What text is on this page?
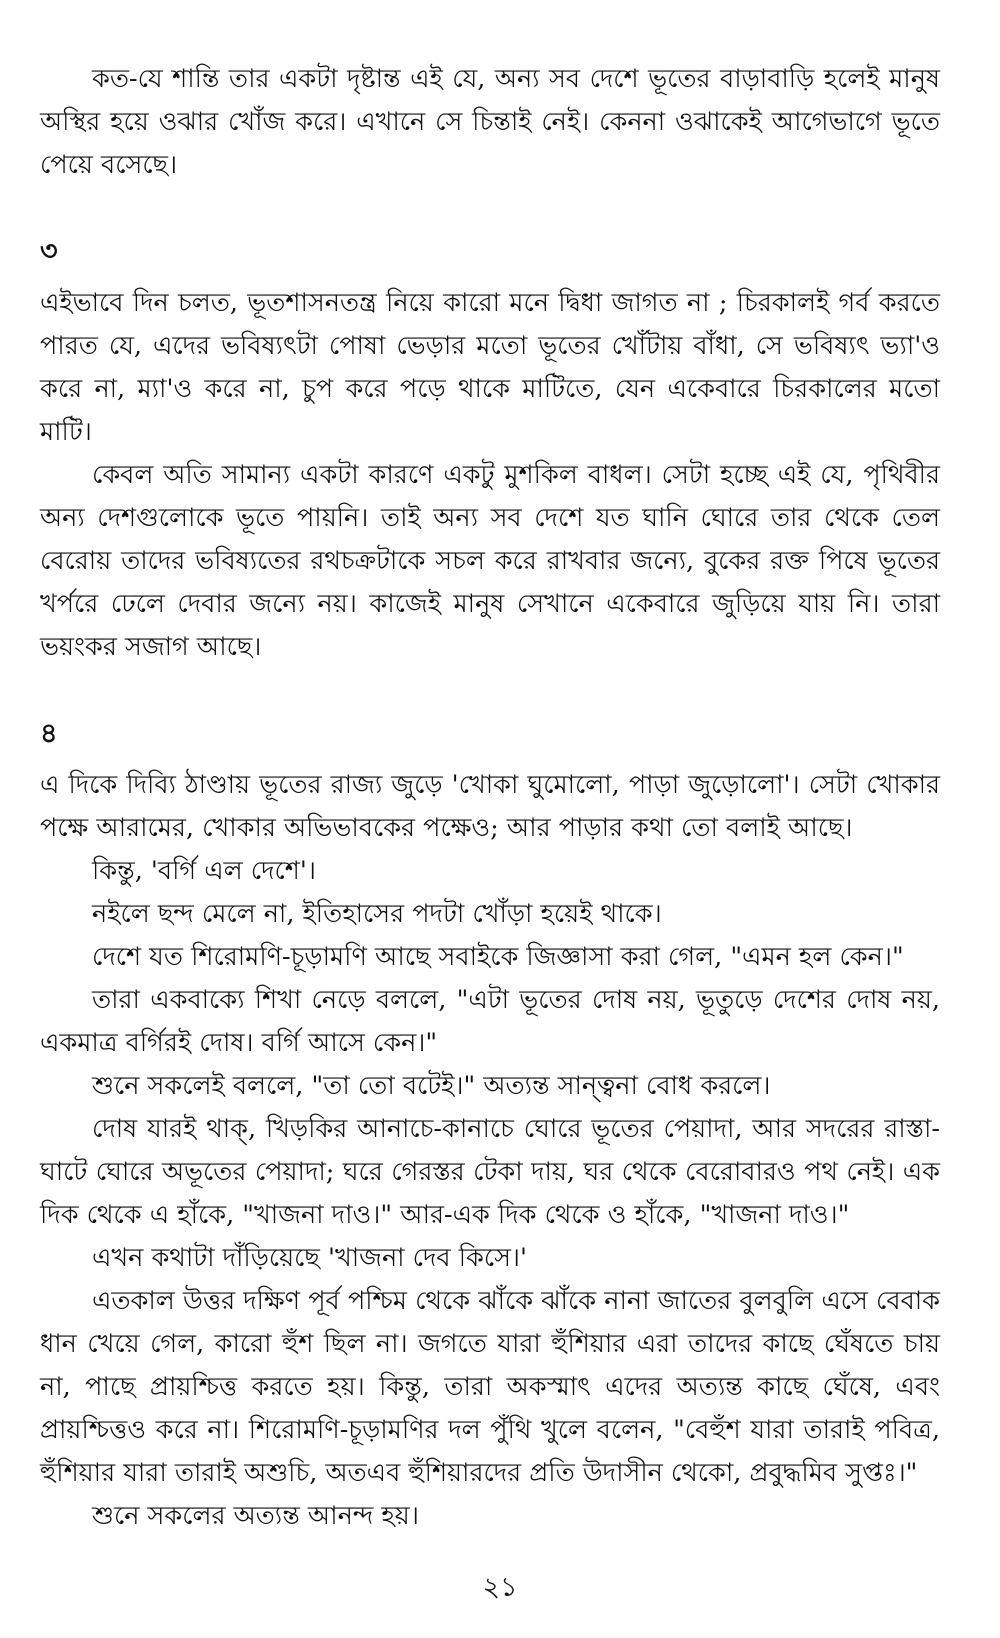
কত-যে শান্তি তার একটা দৃষ্টান্ত এই যে, অন্য সব দেশে ভূতের বাড়াবাড়ি হলেই মানুষ অস্থির হয়ে ওঝার খোঁজ করে। এখানে সে চিন্তাই নেই। কেননা ওঝাকেই আগেভাগে ভূতে পেয়ে বসেছে।

৩

এইভাবে দিন চলত, ভূতশাসনতন্ত্র নিয়ে কারো মনে দ্বিধা জাগত না ; চিরকালই গর্ব করতে পারত যে, এদের ভবিষ্যৎটা পোষা ভেড়ার মতো ভূতের খোঁটায় বাঁধা, সে ভবিষ্যৎ ভ্যা'ও করে না, ম্যা'ও করে না, চুপ করে পড়ে থাকে মাটিতে, যেন একেবারে চিরকালের মতো মাটি।

কেবল অতি সামান্য একটা কারণে একটু মুশকিল বাধল। সেটা হচ্ছে এই যে, পৃথিবীর অন্য দেশগুলোকে ভূতে পায়নি। তাই অন্য সব দেশে যত ঘানি ঘোরে তার থেকে তেল বেরোয় তাদের ভবিষ্যতের রথচক্রটাকে সচল করে রাখবার জন্যে, বুকের রক্ত পিষে ভূতের খর্পরে ঢেলে দেবার জন্যে নয়। কাজেই মানুষ সেখানে একেবারে জুড়িয়ে যায় নি। তারা ভয়ংকর সজাগ আছে।

৪

এ দিকে দিব্যি ঠাণ্ডায় ভূতের রাজ্য জুড়ে 'খোকা ঘুমোলো, পাড়া জুড়োলো'। সেটা খোকার পক্ষে আরামের, খোকার অভিভাবকের পক্ষেও; আর পাড়ার কথা তো বলাই আছে।

কিন্তু, 'বর্গি এল দেশে'।

নইলে ছন্দ মেলে না, ইতিহাসের পদটা খোঁড়া হয়েই থাকে।

দেশে যত শিরোমণি-চূড়ামণি আছে সবাইকে জিজ্ঞাসা করা গেল, "এমন হল কেন।"

তারা একবাক্যে শিখা নেড়ে বললে, "এটা ভূতের দোষ নয়, ভূতুড়ে দেশের দোষ নয়, একমাত্র বর্গিরই দোষ। বর্গি আসে কেন।"

শুনে সকলেই বললে, "তা তো বটেই।" অত্যন্ত সান্ত্বনা বোধ করলে।

দোষ যারই থাক্, খিড়কির আনাচে-কানাচে ঘোরে ভূতের পেয়াদা, আর সদরের রাস্তা-ঘাটে ঘোরে অভূতের পেয়াদা; ঘরে গেরস্তর টেকা দায়, ঘর থেকে বেরোবারও পথ নেই। এক দিক থেকে এ হাঁকে, "খাজনা দাও।" আর-এক দিক থেকে ও হাঁকে, "খাজনা দাও।"

এখন কথাটা দাঁড়িয়েছে 'খাজনা দেব কিসে।'

এতকাল উত্তর দক্ষিণ পূর্ব পশ্চিম থেকে ঝাঁকে ঝাঁকে নানা জাতের বুলবুলি এসে বেবাক ধান খেয়ে গেল, কারো হুঁশ ছিল না। জগতে যারা হুঁশিয়ার এরা তাদের কাছে ঘেঁষতে চায় না, পাছে প্রায়শ্চিত্ত করতে হয়। কিন্তু, তারা অকস্মাৎ এদের অত্যন্ত কাছে ঘেঁষে, এবং প্রায়শ্চিত্তও করে না। শিরোমণি-চূড়ামণির দল পুঁথি খুলে বলেন, "বেহুঁশ যারা তারাই পবিত্র, হুঁশিয়ার যারা তারাই অশুচি, অতএব হুঁশিয়ারদের প্রতি উদাসীন থেকো, প্রবুদ্ধমিব সুপ্তঃ।"

শুনে সকলের অত্যন্ত আনন্দ হয়।

২১
